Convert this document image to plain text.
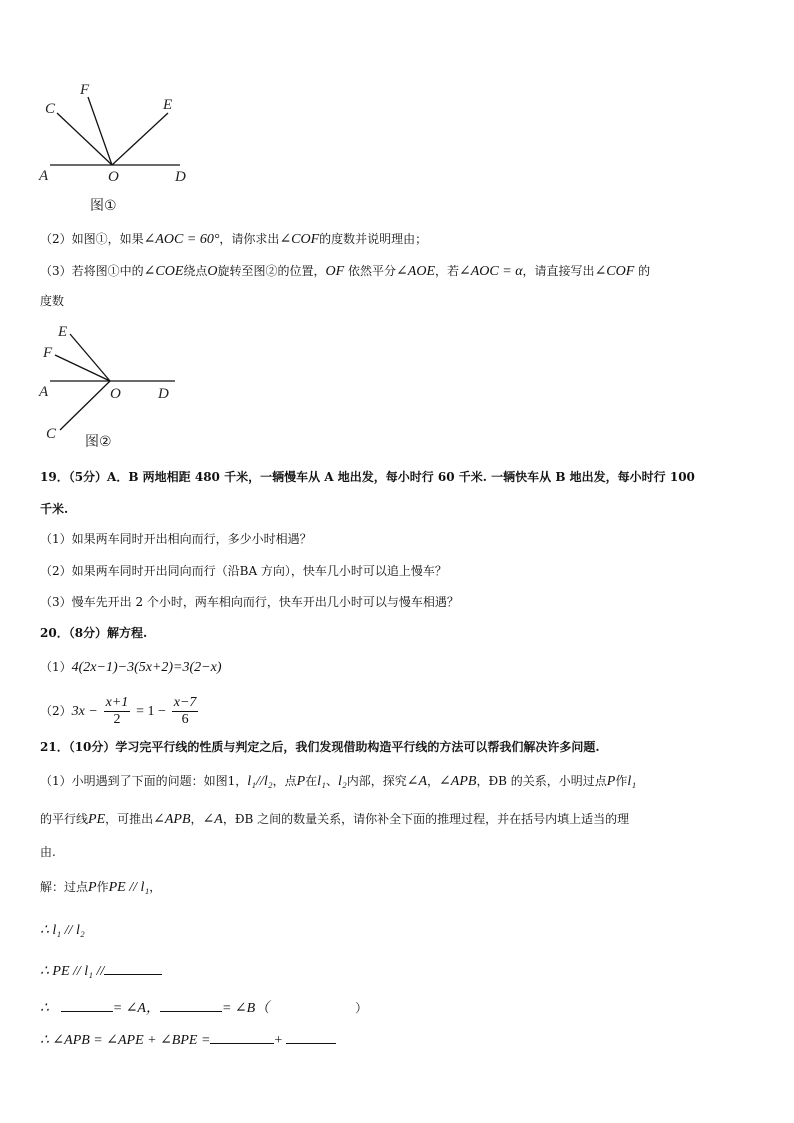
C
F
E
A	O	D
图①
（2）如图①，如果∠AOC = 60°，请你求出∠COF的度数并说明理由；
（3）若将图①中的∠COE绕点O旋转至图②的位置，OF 依然平分∠AOE，若∠AOC = α，请直接写出∠COF 的
度数
E
F
A	O D
C 图②
19．（5分）A．B 两地相距 480 千米，一辆慢车从 A 地出发，每小时行 60 千米. 一辆快车从 B 地出发，每小时行 100
千米.
（1）如果两车同时开出相向而行，多少小时相遇？
（2）如果两车同时开出同向而行（沿BA 方向），快车几小时可以追上慢车？
（3）慢车先开出 2 个小时，两车相向而行，快车开出几小时可以与慢车相遇？
20．（8分）解方程.
（1）4(2x−1)−3(5x+2)=3(2−x)
$(2)3x - \frac{x+1}{2} = 1 - \frac{x-7}{6}$
21．（10分）学习完平行线的性质与判定之后，我们发现借助构造平行线的方法可以帮我们解决许多问题.
（1）小明遇到了下面的问题：如图1，l₁//l₂，点P在l₁、l₂内部，探究∠A，∠APB，ÐB 的关系，小明过点P作l₁
的平行线PE，可推出∠APB，∠A，ÐB 之间的数量关系，请你补全下面的推理过程，并在括号内填上适当的理
由.
解：过点P作PE // l₁，
∴ l₁ // l₂
∴ PE // l₁ //
∴	= ∠A，	= ∠B（	）
∴ ∠APB = ∠APE + ∠BPE =	+
